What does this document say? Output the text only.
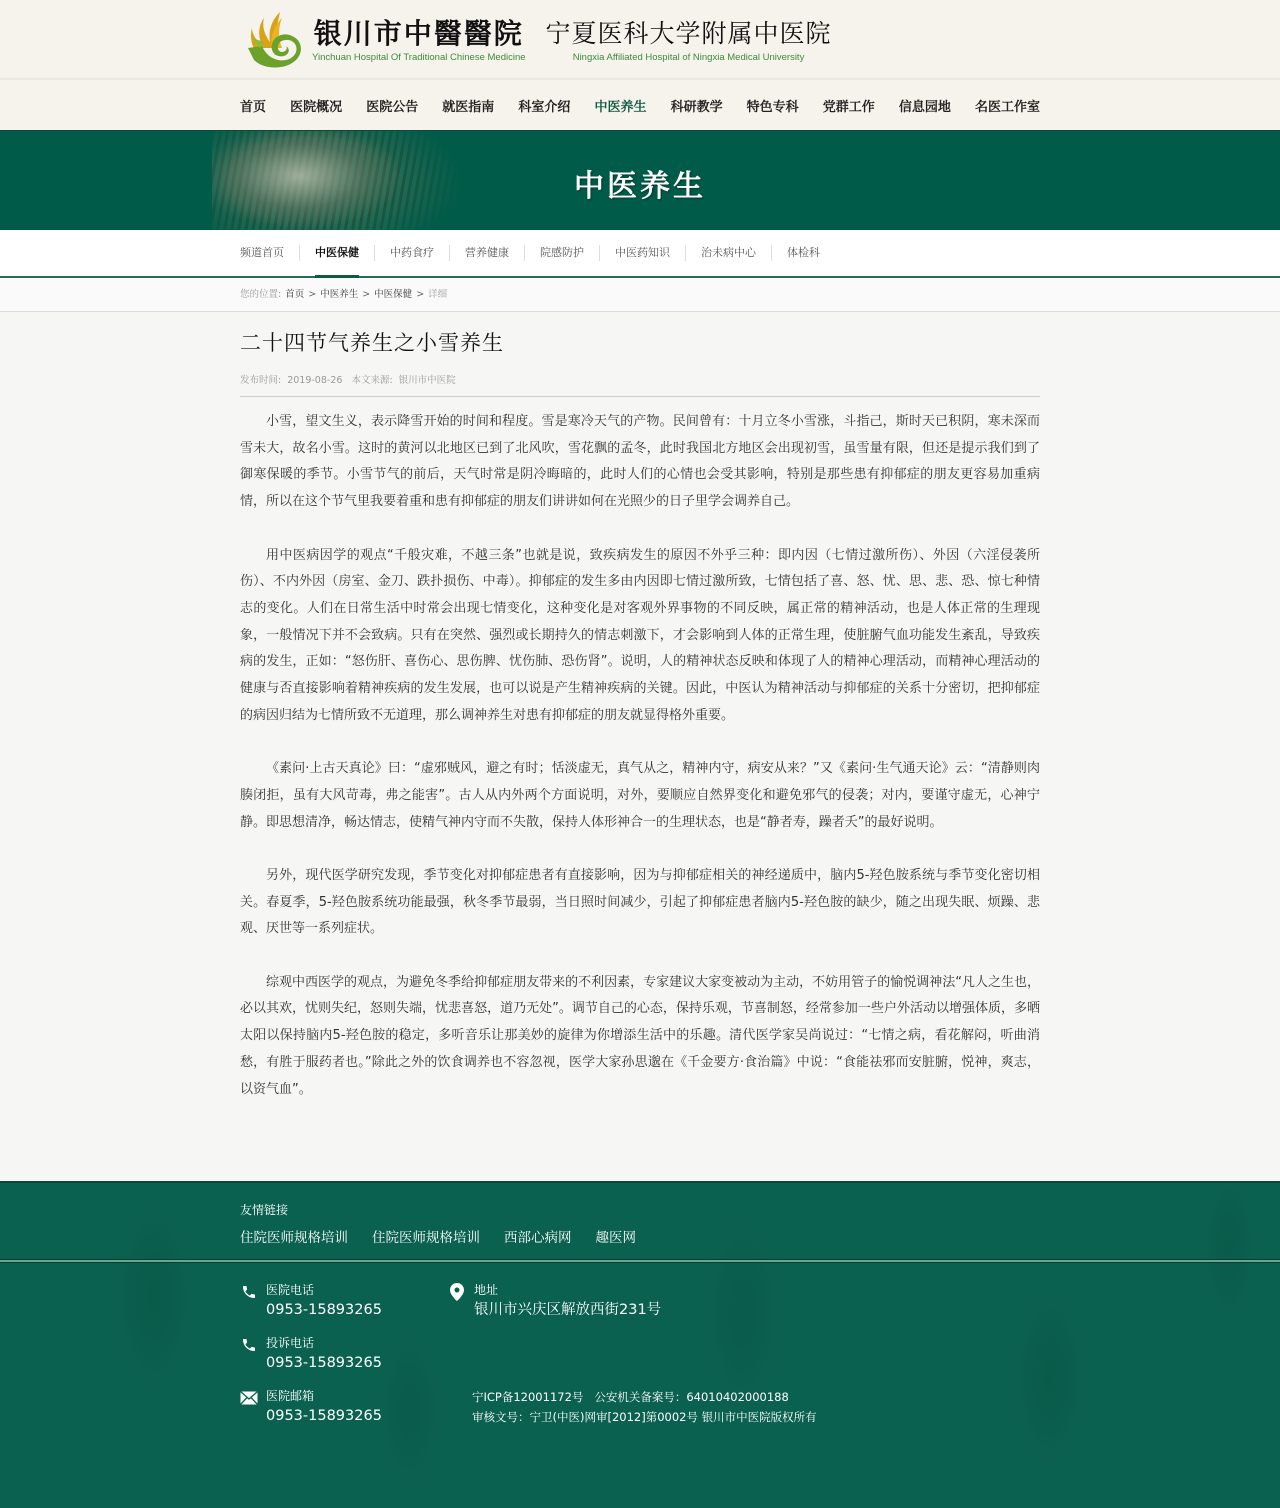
银川市中醫醫院
Yinchuan Hospital Of Traditional Chinese Medicine
宁夏医科大学附属中医院
Ningxia Affiliated Hospital of Ningxia Medical University
首页 医院概况 医院公告 就医指南 科室介绍 中医养生 科研教学 特色专科 党群工作 信息园地 名医工作室
中医养生
频道首页	中医保健	中药食疗	营养健康	院感防护	中医药知识	治未病中心	体检科
您的位置: 首页 > 中医养生 > 中医保健 > 详细
二十四节气养生之小雪养生
发布时间: 2019-08-26 本文来源: 银川市中医院

小雪，望文生义，表示降雪开始的时间和程度。雪是寒冷天气的产物。民间曾有：十月立冬小雪涨，斗指己，斯时天已积阴，寒未深而雪未大，故名小雪。这时的黄河以北地区已到了北风吹，雪花飘的孟冬，此时我国北方地区会出现初雪，虽雪量有限，但还是提示我们到了御寒保暖的季节。小雪节气的前后，天气时常是阴冷晦暗的，此时人们的心情也会受其影响，特别是那些患有抑郁症的朋友更容易加重病情，所以在这个节气里我要着重和患有抑郁症的朋友们讲讲如何在光照少的日子里学会调养自己。

用中医病因学的观点“千般灾难，不越三条”也就是说，致疾病发生的原因不外乎三种：即内因（七情过激所伤）、外因（六淫侵袭所伤）、不内外因（房室、金刀、跌扑损伤、中毒）。抑郁症的发生多由内因即七情过激所致，七情包括了喜、怒、忧、思、悲、恐、惊七种情志的变化。人们在日常生活中时常会出现七情变化，这种变化是对客观外界事物的不同反映，属正常的精神活动，也是人体正常的生理现象，一般情况下并不会致病。只有在突然、强烈或长期持久的情志刺激下，才会影响到人体的正常生理，使脏腑气血功能发生紊乱，导致疾病的发生，正如：“怒伤肝、喜伤心、思伤脾、忧伤肺、恐伤肾”。说明，人的精神状态反映和体现了人的精神心理活动，而精神心理活动的健康与否直接影响着精神疾病的发生发展，也可以说是产生精神疾病的关键。因此，中医认为精神活动与抑郁症的关系十分密切，把抑郁症的病因归结为七情所致不无道理，那么调神养生对患有抑郁症的朋友就显得格外重要。

《素问·上古天真论》曰：“虚邪贼风，避之有时；恬淡虚无，真气从之，精神内守，病安从来？”又《素问·生气通天论》云：“清静则肉腠闭拒，虽有大风苛毒，弗之能害”。古人从内外两个方面说明，对外，要顺应自然界变化和避免邪气的侵袭；对内，要谨守虚无，心神宁静。即思想清净，畅达情志，使精气神内守而不失散，保持人体形神合一的生理状态，也是“静者寿，躁者夭”的最好说明。

另外，现代医学研究发现，季节变化对抑郁症患者有直接影响，因为与抑郁症相关的神经递质中，脑内5-羟色胺系统与季节变化密切相关。春夏季，5-羟色胺系统功能最强，秋冬季节最弱，当日照时间减少，引起了抑郁症患者脑内5-羟色胺的缺少，随之出现失眠、烦躁、悲观、厌世等一系列症状。

综观中西医学的观点，为避免冬季给抑郁症朋友带来的不利因素，专家建议大家变被动为主动，不妨用管子的愉悦调神法“凡人之生也，必以其欢，忧则失纪，怒则失端，忧悲喜怒，道乃无处”。调节自己的心态，保持乐观，节喜制怒，经常参加一些户外活动以增强体质，多晒太阳以保持脑内5-羟色胺的稳定，多听音乐让那美妙的旋律为你增添生活中的乐趣。清代医学家吴尚说过：“七情之病，看花解闷，听曲消愁，有胜于服药者也。”除此之外的饮食调养也不容忽视，医学大家孙思邈在《千金要方·食治篇》中说：“食能祛邪而安脏腑，悦神，爽志，以资气血”。

友情链接
住院医师规格培训 住院医师规格培训 西部心病网 趣医网
医院电话
0953-15893265
投诉电话
0953-15893265
医院邮箱
0953-15893265
地址
银川市兴庆区解放西街231号
宁ICP备12001172号   公安机关备案号：64010402000188
审核文号：宁卫(中医)网审[2012]第0002号 银川市中医院版权所有
